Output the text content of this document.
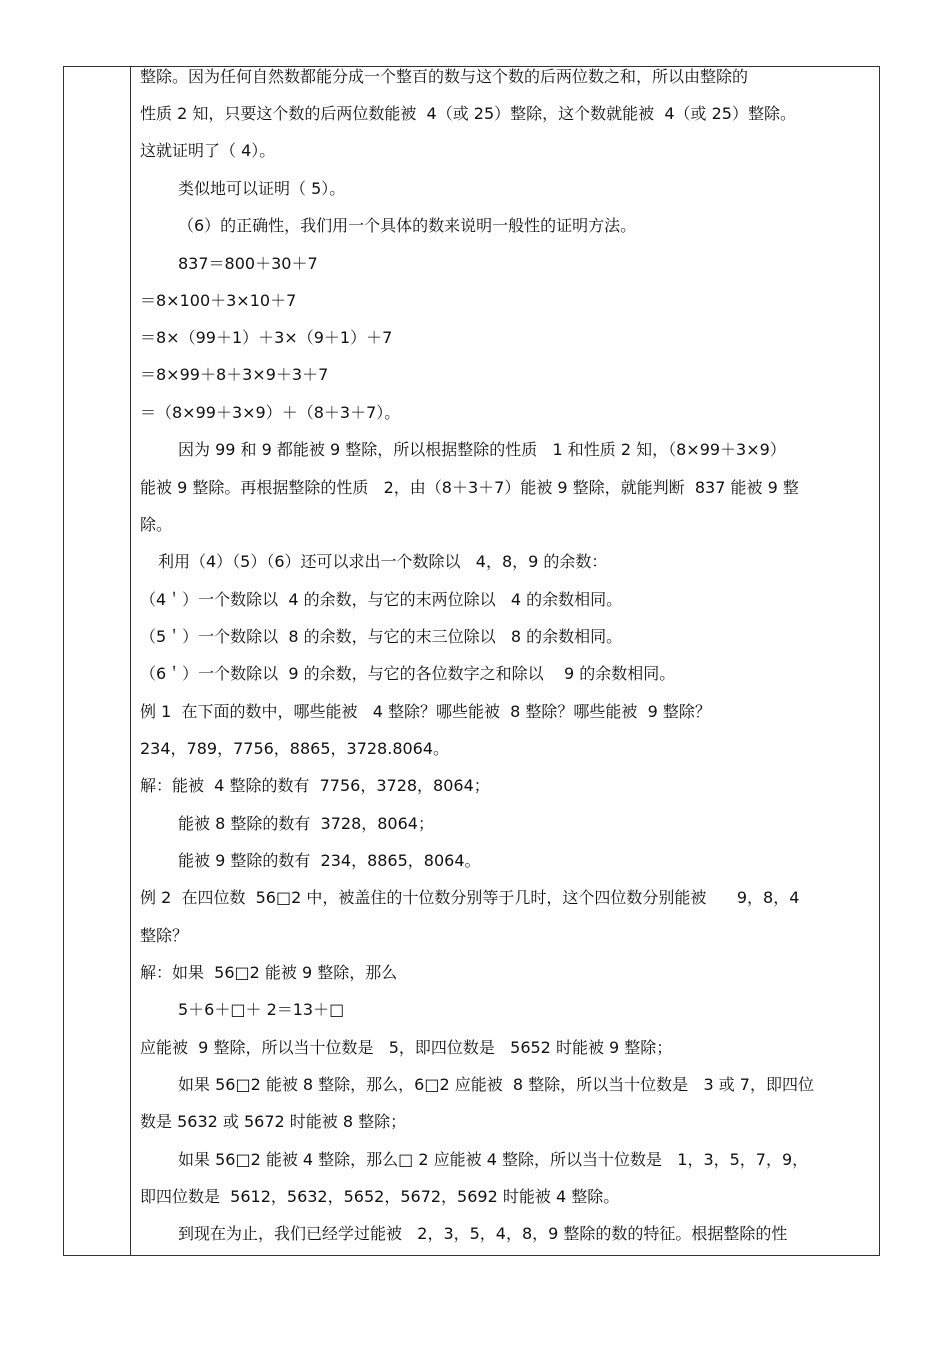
整除。因为任何自然数都能分成一个整百的数与这个数的后两位数之和，所以由整除的
性质 2 知，只要这个数的后两位数能被  4（或 25）整除，这个数就能被  4（或 25）整除。
这就证明了（ 4）。
类似地可以证明（ 5）。
（6）的正确性，我们用一个具体的数来说明一般性的证明方法。
837＝800＋30＋7
＝8×100＋3×10＋7
＝8×（99＋1）＋3×（9＋1）＋7
＝8×99＋8＋3×9＋3＋7
＝（8×99＋3×9）＋（8＋3＋7）。
因为 99 和 9 都能被 9 整除，所以根据整除的性质   1 和性质 2 知，（8×99＋3×9）
能被 9 整除。再根据整除的性质   2，由（8＋3＋7）能被 9 整除，就能判断  837 能被 9 整
除。
利用（4）（5）（6）还可以求出一个数除以   4，8，9 的余数：
（4＇）一个数除以  4 的余数，与它的末两位除以   4 的余数相同。
（5＇）一个数除以  8 的余数，与它的末三位除以   8 的余数相同。
（6＇）一个数除以  9 的余数，与它的各位数字之和除以    9 的余数相同。
例 1  在下面的数中，哪些能被   4 整除？哪些能被  8 整除？哪些能被  9 整除？
234，789，7756，8865，3728.8064。
解：能被  4 整除的数有  7756，3728，8064；
能被 8 整除的数有  3728，8064；
能被 9 整除的数有  234，8865，8064。
例 2  在四位数  56□2 中，被盖住的十位数分别等于几时，这个四位数分别能被      9，8，4
整除？
解：如果  56□2 能被 9 整除，那么
5＋6＋□＋ 2＝13＋□
应能被  9 整除，所以当十位数是   5，即四位数是   5652 时能被 9 整除；
如果 56□2 能被 8 整除，那么，6□2 应能被  8 整除，所以当十位数是   3 或 7，即四位
数是 5632 或 5672 时能被 8 整除；
如果 56□2 能被 4 整除，那么□ 2 应能被 4 整除，所以当十位数是   1，3，5，7，9，
即四位数是  5612，5632，5652，5672，5692 时能被 4 整除。
到现在为止，我们已经学过能被   2，3，5，4，8，9 整除的数的特征。根据整除的性
